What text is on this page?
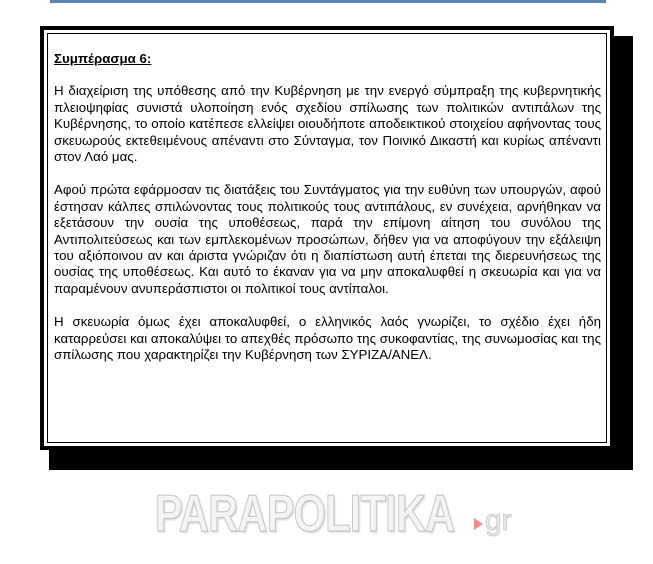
Συμπέρασμα 6:

Η διαχείριση της υπόθεσης από την Κυβέρνηση με την ενεργό σύμπραξη της κυβερνητικής πλειοψηφίας συνιστά υλοποίηση ενός σχεδίου σπίλωσης των πολιτικών αντιπάλων της Κυβέρνησης, το οποίο κατέπεσε ελλείψει οιουδήποτε αποδεικτικού στοιχείου αφήνοντας τους σκευωρούς εκτεθειμένους απέναντι στο Σύνταγμα, τον Ποινικό Δικαστή και κυρίως απέναντι στον Λαό μας.

Αφού πρώτα εφάρμοσαν τις διατάξεις του Συντάγματος για την ευθύνη των υπουργών, αφού έστησαν κάλπες σπιλώνοντας τους πολιτικούς τους αντιπάλους, εν συνέχεια, αρνήθηκαν να εξετάσουν την ουσία της υποθέσεως, παρά την επίμονη αίτηση του συνόλου της Αντιπολιτεύσεως και των εμπλεκομένων προσώπων, δήθεν για να αποφύγουν την εξάλειψη του αξιόποινου αν και άριστα γνώριζαν ότι η διαπίστωση αυτή έπεται της διερευνήσεως της ουσίας της υποθέσεως. Και αυτό το έκαναν για να μην αποκαλυφθεί η σκευωρία και για να παραμένουν ανυπεράσπιστοι οι πολιτικοί τους αντίπαλοι.

Η σκευωρία όμως έχει αποκαλυφθεί, ο ελληνικός λαός γνωρίζει, το σχέδιο έχει ήδη καταρρεύσει και αποκαλύψει το απεχθές πρόσωπο της συκοφαντίας, της συνωμοσίας και της σπίλωσης που χαρακτηρίζει την Κυβέρνηση των ΣΥΡΙΖΑ/ΑΝΕΛ.

PARAPOLITIKA gr
